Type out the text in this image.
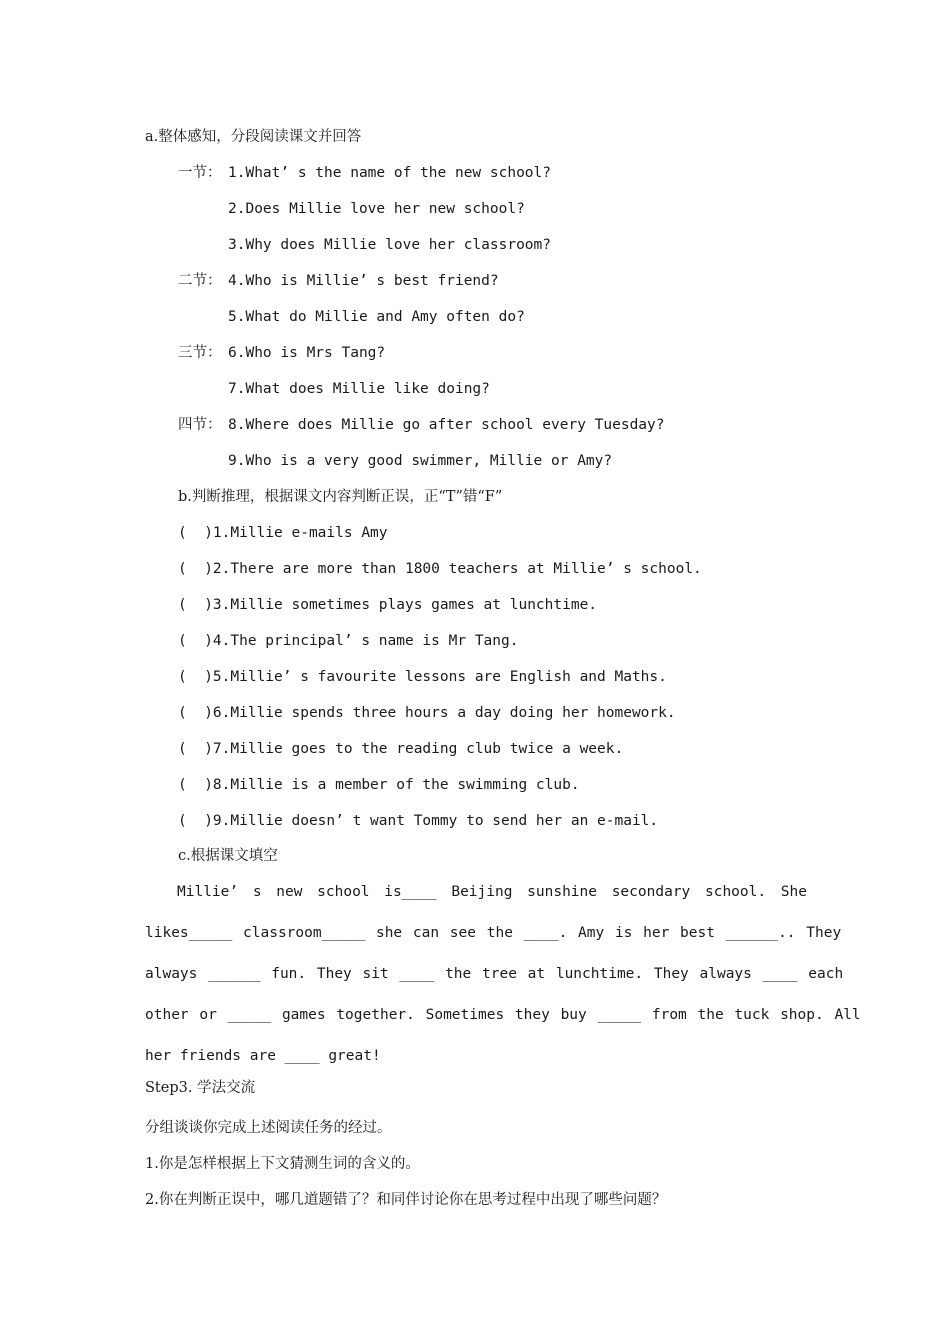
a.整体感知，分段阅读课文并回答
一节： 1.What’ s the name of the new school?
2.Does Millie love her new school?
3.Why does Millie love her classroom?
二节： 4.Who is Millie’ s best friend?
5.What do Millie and Amy often do?
三节： 6.Who is Mrs Tang?
7.What does Millie like doing?
四节： 8.Where does Millie go after school every Tuesday?
9.Who is a very good swimmer, Millie or Amy?
b.判断推理，根据课文内容判断正误，正“T”错“F”
(  )1.Millie e-mails Amy
(  )2.There are more than 1800 teachers at Millie’ s school.
(  )3.Millie sometimes plays games at lunchtime.
(  )4.The principal’ s name is Mr Tang.
(  )5.Millie’ s favourite lessons are English and Maths.
(  )6.Millie spends three hours a day doing her homework.
(  )7.Millie goes to the reading club twice a week.
(  )8.Millie is a member of the swimming club.
(  )9.Millie doesn’ t want Tommy to send her an e-mail.
c.根据课文填空
Millie’ s new school is____ Beijing sunshine secondary school. She
likes_____ classroom_____ she can see the ____. Amy is her best ______.. They
always ______ fun. They sit ____ the tree at lunchtime. They always ____ each
other or _____ games together. Sometimes they buy _____ from the tuck shop. All
her friends are ____ great!
Step3. 学法交流
分组谈谈你完成上述阅读任务的经过。
1.你是怎样根据上下文猜测生词的含义的。
2.你在判断正误中，哪几道题错了？和同伴讨论你在思考过程中出现了哪些问题？
